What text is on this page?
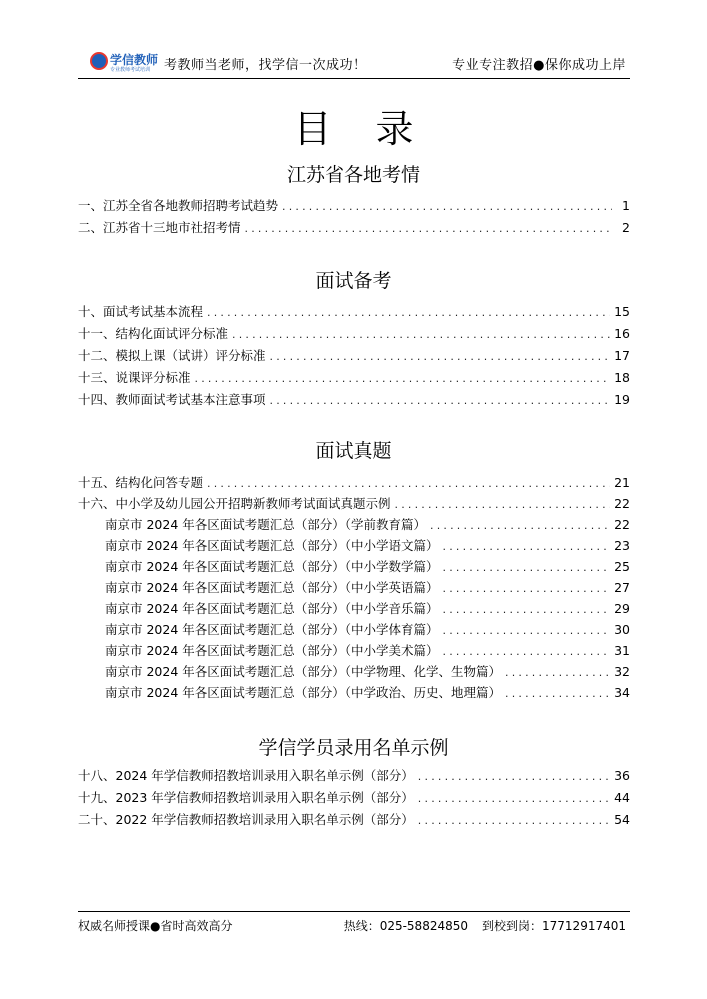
学信教师
专业教师考试培训 考教师当老师，找学信一次成功！	专业专注教招●保你成功上岸
目 录
江苏省各地考情
一、江苏全省各地教师招聘考试趋势 .....	1
二、江苏省十三地市社招考情 .....	2
面试备考
十、面试考试基本流程 .....	15
十一、结构化面试评分标准 .....	16
十二、模拟上课（试讲）评分标准 .....	17
十三、说课评分标准 .....	18
十四、教师面试考试基本注意事项 .....	19
面试真题
十五、结构化问答专题 .....	21
十六、中小学及幼儿园公开招聘新教师考试面试真题示例 .....	22
南京市 2024 年各区面试考题汇总（部分）（学前教育篇） .....	22
南京市 2024 年各区面试考题汇总（部分）（中小学语文篇） .....	23
南京市 2024 年各区面试考题汇总（部分）（中小学数学篇） .....	25
南京市 2024 年各区面试考题汇总（部分）（中小学英语篇） .....	27
南京市 2024 年各区面试考题汇总（部分）（中小学音乐篇） .....	29
南京市 2024 年各区面试考题汇总（部分）（中小学体育篇） .....	30
南京市 2024 年各区面试考题汇总（部分）（中小学美术篇） .....	31
南京市 2024 年各区面试考题汇总（部分）（中学物理、化学、生物篇） .....	32
南京市 2024 年各区面试考题汇总（部分）（中学政治、历史、地理篇） .....	34
学信学员录用名单示例
十八、2024 年学信教师招教培训录用入职名单示例（部分） .....	36
十九、2023 年学信教师招教培训录用入职名单示例（部分） .....	44
二十、2022 年学信教师招教培训录用入职名单示例（部分） .....	54
权威名师授课●省时高效高分	热线：025-58824850 到校到岗：17712917401
